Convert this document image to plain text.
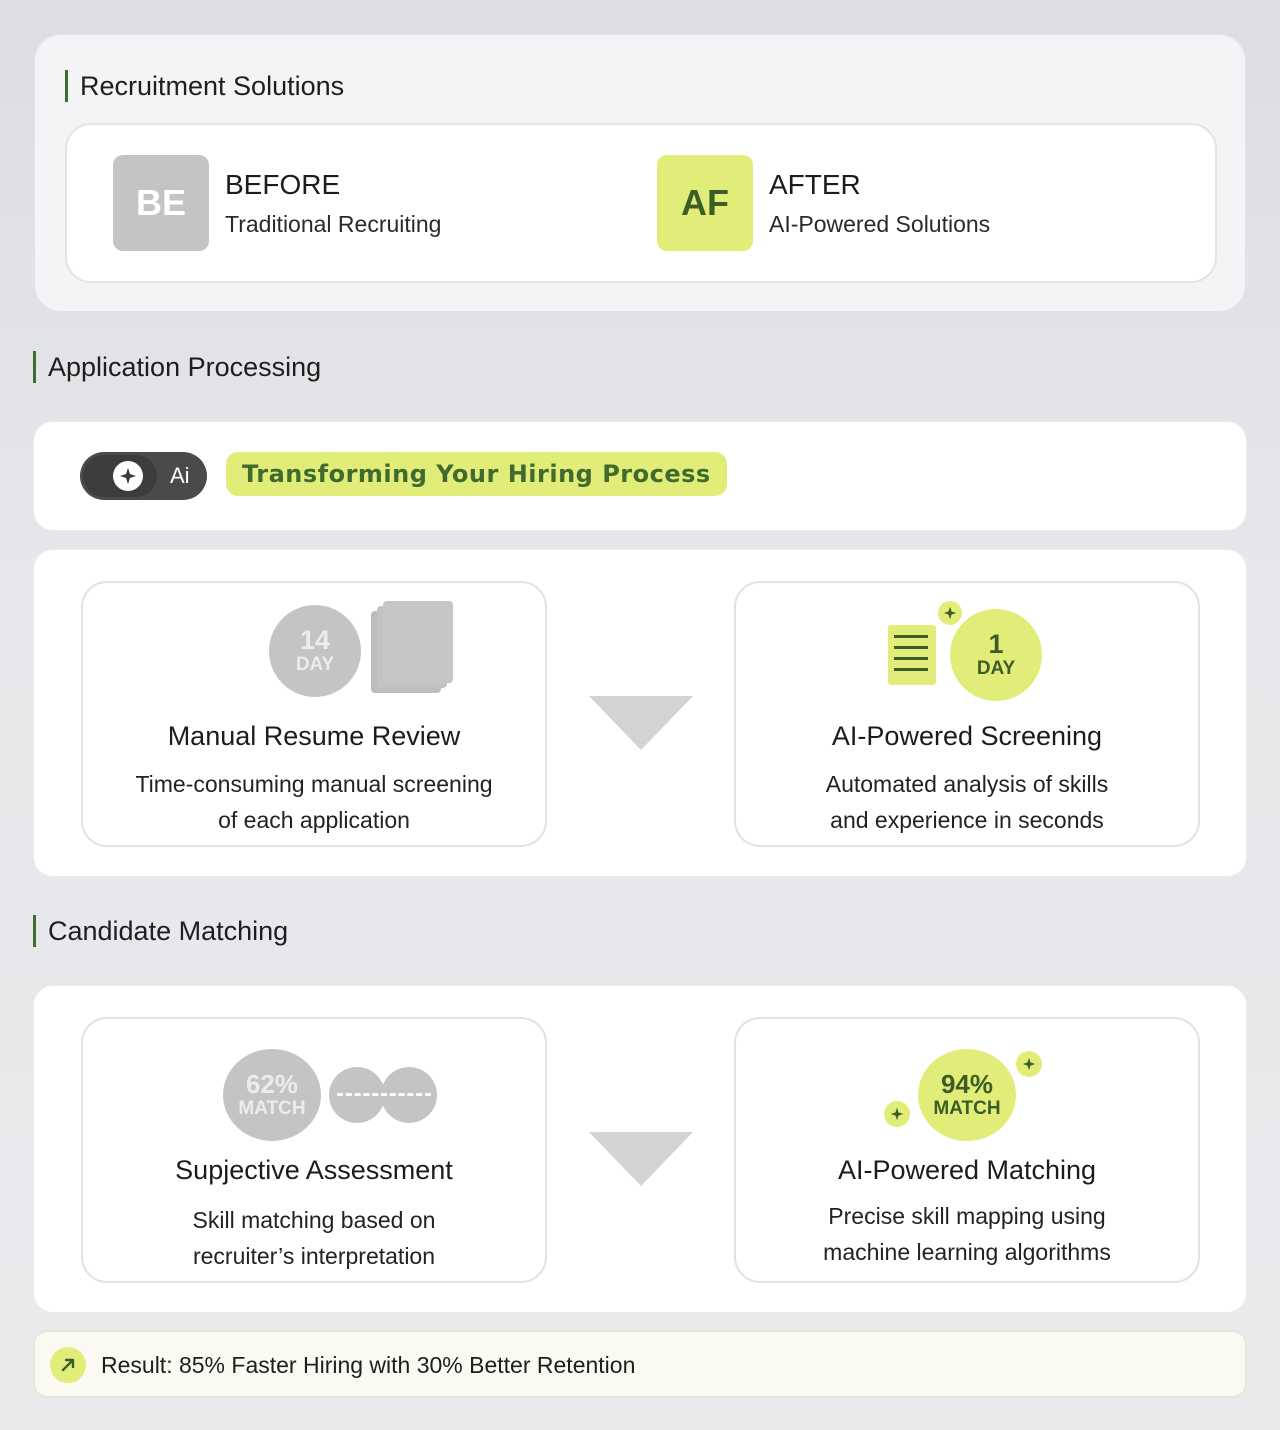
Recruitment Solutions
BE	BEFORE
Traditional Recruiting
AF	AFTER
AI-Powered Solutions
Application Processing
Ai	Transforming Your Hiring Process
14
DAY
Manual Resume Review
Time-consuming manual screening
of each application
1
DAY
AI-Powered Screening
Automated analysis of skills
and experience in seconds
Candidate Matching
62%
MATCH
Supjective Assessment
Skill matching based on
recruiter’s interpretation
94%
MATCH
AI-Powered Matching
Precise skill mapping using
machine learning algorithms
Result: 85% Faster Hiring with 30% Better Retention
